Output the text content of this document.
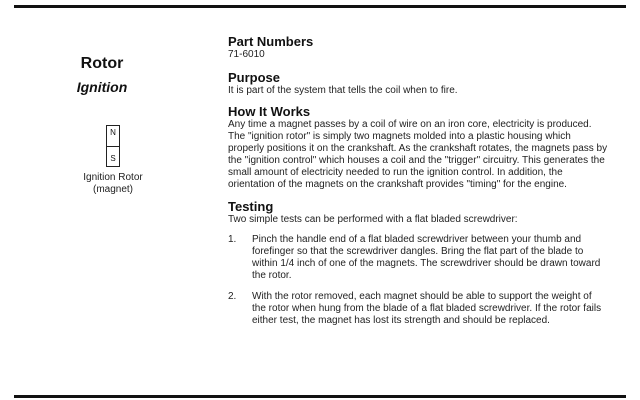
Rotor
Ignition
N
S
Ignition Rotor
(magnet)
Part Numbers

71-6010

Purpose

It is part of the system that tells the coil when to fire.

How It Works

Any time a magnet passes by a coil of wire on an iron core, electricity is produced. The "ignition rotor" is simply two magnets molded into a plastic housing which properly positions it on the crankshaft. As the crankshaft rotates, the magnets pass by the "ignition control" which houses a coil and the "trigger" circuitry. This generates the small amount of electricity needed to run the ignition control. In addition, the orientation of the magnets on the crankshaft provides "timing" for the engine.

Testing

Two simple tests can be performed with a flat bladed screwdriver:

1. Pinch the handle end of a flat bladed screwdriver between your thumb and forefinger so that the screwdriver dangles. Bring the flat part of the blade to within 1/4 inch of one of the magnets. The screwdriver should be drawn toward the rotor.
2. With the rotor removed, each magnet should be able to support the weight of the rotor when hung from the blade of a flat bladed screwdriver. If the rotor fails either test, the magnet has lost its strength and should be replaced.
